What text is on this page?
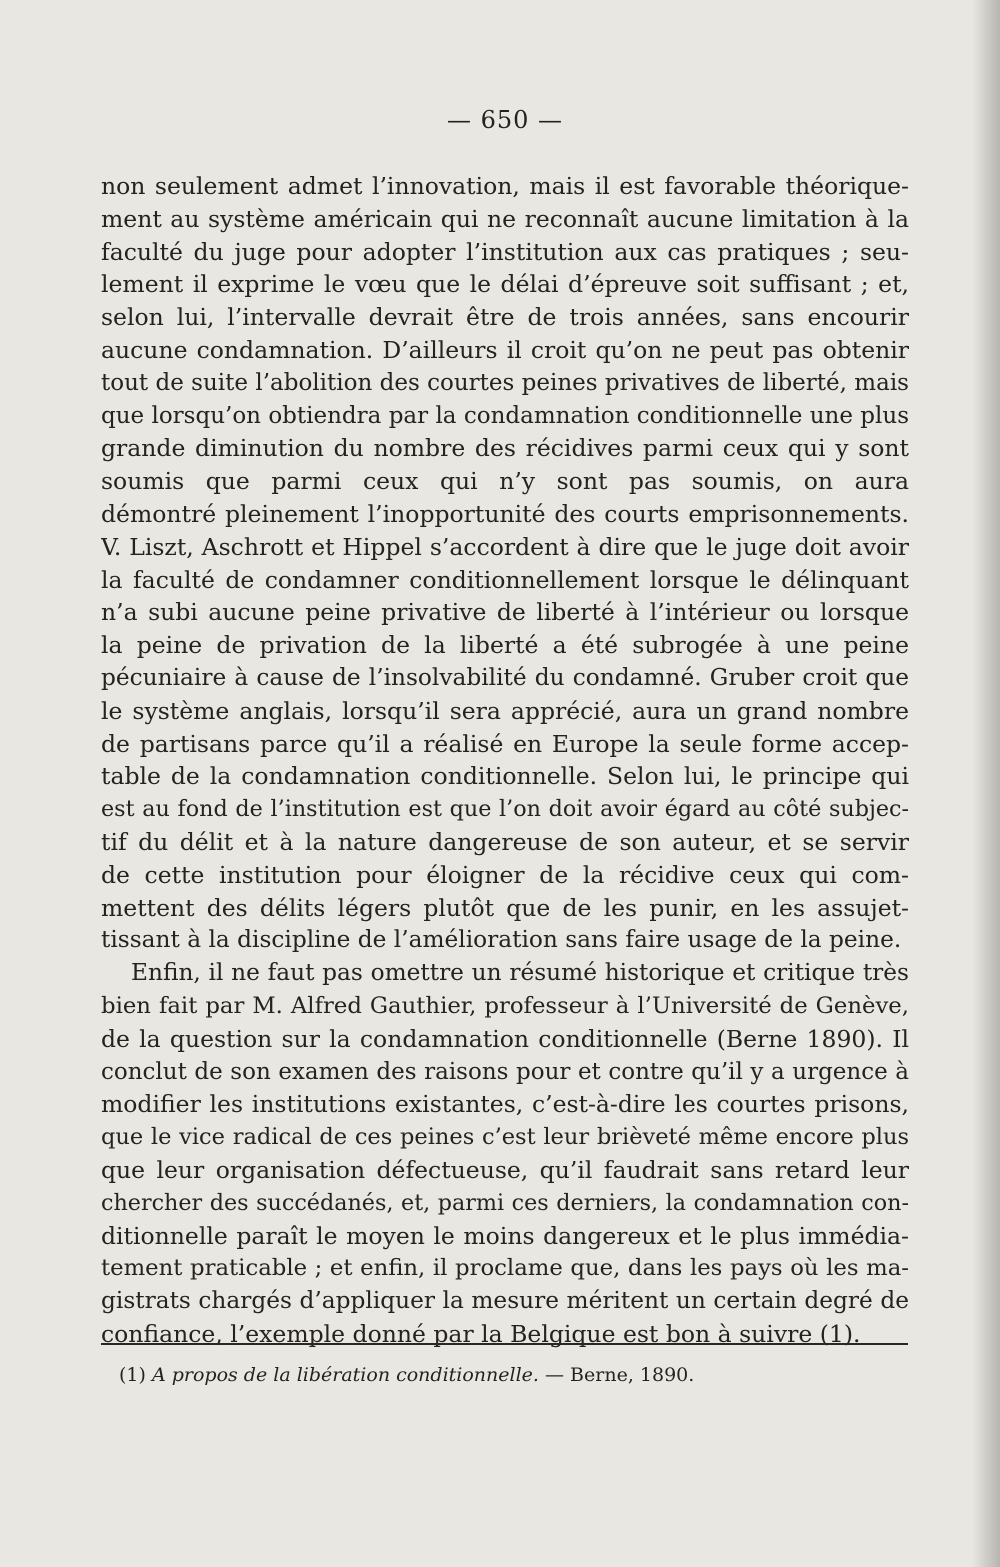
— 650 —
non seulement admet l’innovation, mais il est favorable théorique-
ment au système américain qui ne reconnaît aucune limitation à la
faculté du juge pour adopter l’institution aux cas pratiques ; seu-
lement il exprime le vœu que le délai d’épreuve soit suffisant ; et,
selon lui, l’intervalle devrait être de trois années, sans encourir
aucune condamnation. D’ailleurs il croit qu’on ne peut pas obtenir
tout de suite l’abolition des courtes peines privatives de liberté, mais
que lorsqu’on obtiendra par la condamnation conditionnelle une plus
grande diminution du nombre des récidives parmi ceux qui y sont
soumis que parmi ceux qui n’y sont pas soumis, on aura
démontré pleinement l’inopportunité des courts emprisonnements.
V. Liszt, Aschrott et Hippel s’accordent à dire que le juge doit avoir
la faculté de condamner conditionnellement lorsque le délinquant
n’a subi aucune peine privative de liberté à l’intérieur ou lorsque
la peine de privation de la liberté a été subrogée à une peine
pécuniaire à cause de l’insolvabilité du condamné. Gruber croit que
le système anglais, lorsqu’il sera apprécié, aura un grand nombre
de partisans parce qu’il a réalisé en Europe la seule forme accep-
table de la condamnation conditionnelle. Selon lui, le principe qui
est au fond de l’institution est que l’on doit avoir égard au côté subjec-
tif du délit et à la nature dangereuse de son auteur, et se servir
de cette institution pour éloigner de la récidive ceux qui com-
mettent des délits légers plutôt que de les punir, en les assujet-
tissant à la discipline de l’amélioration sans faire usage de la peine.
Enfin, il ne faut pas omettre un résumé historique et critique très
bien fait par M. Alfred Gauthier, professeur à l’Université de Genève,
de la question sur la condamnation conditionnelle (Berne 1890). Il
conclut de son examen des raisons pour et contre qu’il y a urgence à
modifier les institutions existantes, c’est-à-dire les courtes prisons,
que le vice radical de ces peines c’est leur brièveté même encore plus
que leur organisation défectueuse, qu’il faudrait sans retard leur
chercher des succédanés, et, parmi ces derniers, la condamnation con-
ditionnelle paraît le moyen le moins dangereux et le plus immédia-
tement praticable ; et enfin, il proclame que, dans les pays où les ma-
gistrats chargés d’appliquer la mesure méritent un certain degré de
confiance, l’exemple donné par la Belgique est bon à suivre (1).
(1) A propos de la libération conditionnelle. — Berne, 1890.
